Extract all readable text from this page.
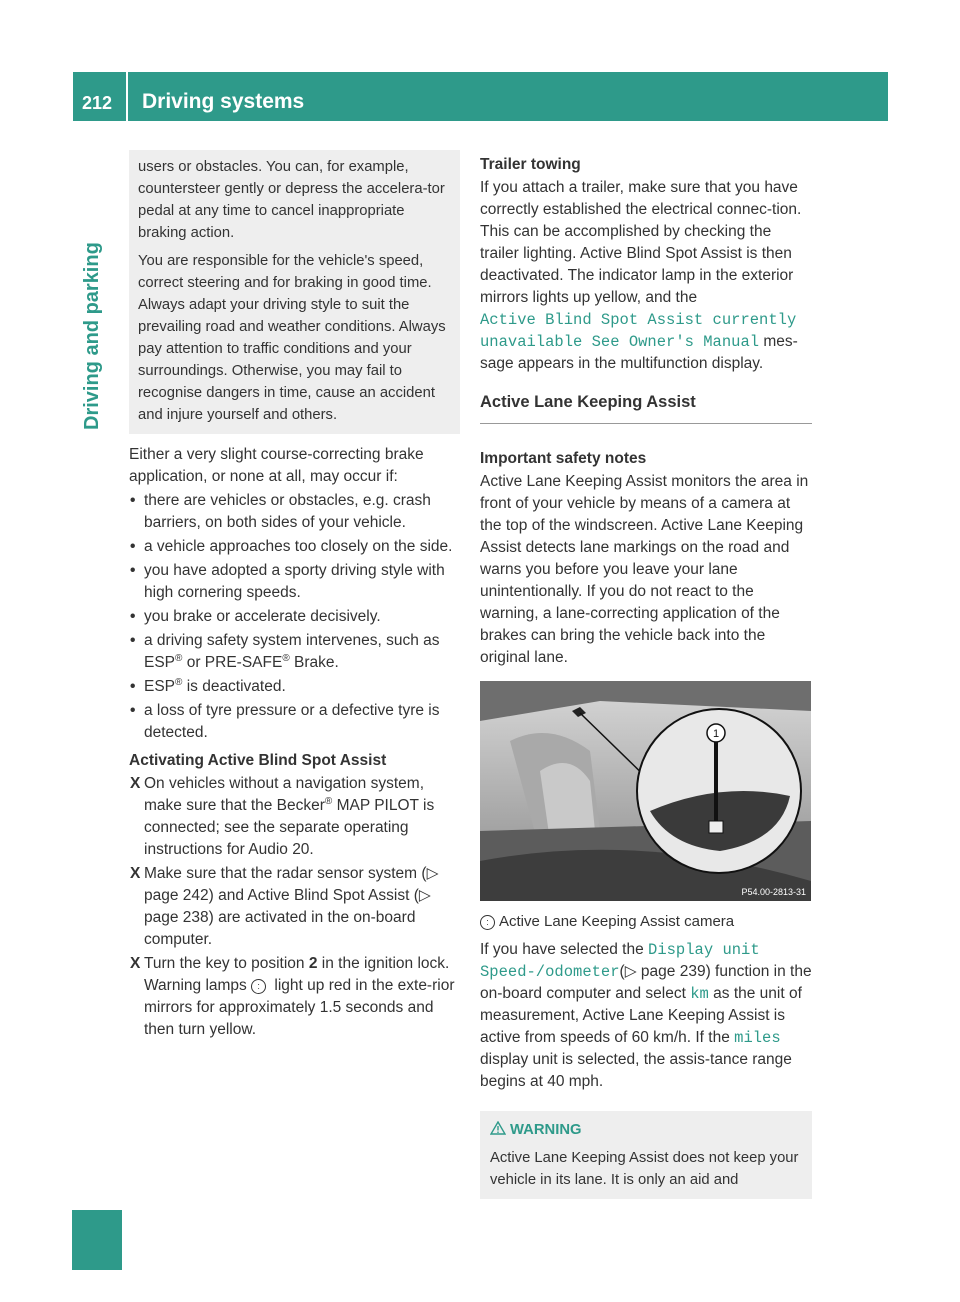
212 Driving systems
Driving and parking

users or obstacles. You can, for example, countersteer gently or depress the accelera-tor pedal at any time to cancel inappropriate braking action.

You are responsible for the vehicle's speed, correct steering and for braking in good time. Always adapt your driving style to suit the prevailing road and weather conditions. Always pay attention to traffic conditions and your surroundings. Otherwise, you may fail to recognise dangers in time, cause an accident and injure yourself and others.

Either a very slight course-correcting brake application, or none at all, may occur if:

• there are vehicles or obstacles, e.g. crash barriers, on both sides of your vehicle.
• a vehicle approaches too closely on the side.
• you have adopted a sporty driving style with high cornering speeds.
• you brake or accelerate decisively.
• a driving safety system intervenes, such as ESP® or PRE-SAFE® Brake.
• ESP® is deactivated.
• a loss of tyre pressure or a defective tyre is detected.

Activating Active Blind Spot Assist

X On vehicles without a navigation system, make sure that the Becker® MAP PILOT is connected; see the separate operating instructions for Audio 20.
X Make sure that the radar sensor system (▷ page 242) and Active Blind Spot Assist (▷ page 238) are activated in the on-board computer.
X Turn the key to position 2 in the ignition lock.
Warning lamps : light up red in the exte-rior mirrors for approximately 1.5 seconds and then turn yellow.

Trailer towing

If you attach a trailer, make sure that you have correctly established the electrical connec-tion. This can be accomplished by checking the trailer lighting. Active Blind Spot Assist is then deactivated. The indicator lamp in the exterior mirrors lights up yellow, and the
Active Blind Spot Assist currently
unavailable See Owner's Manual mes-sage appears in the multifunction display.

Active Lane Keeping Assist

Important safety notes

Active Lane Keeping Assist monitors the area in front of your vehicle by means of a camera at the top of the windscreen. Active Lane Keeping Assist detects lane markings on the road and warns you before you leave your lane unintentionally. If you do not react to the warning, a lane-correcting application of the brakes can bring the vehicle back into the original lane.

1
P54.00-2813-31

: Active Lane Keeping Assist camera

If you have selected the Display unit
Speed-/odometer(▷ page 239) function in the on-board computer and select km as the unit of measurement, Active Lane Keeping Assist is active from speeds of 60 km/h. If the miles display unit is selected, the assis-tance range begins at 40 mph.

WARNING

Active Lane Keeping Assist does not keep your vehicle in its lane. It is only an aid and
